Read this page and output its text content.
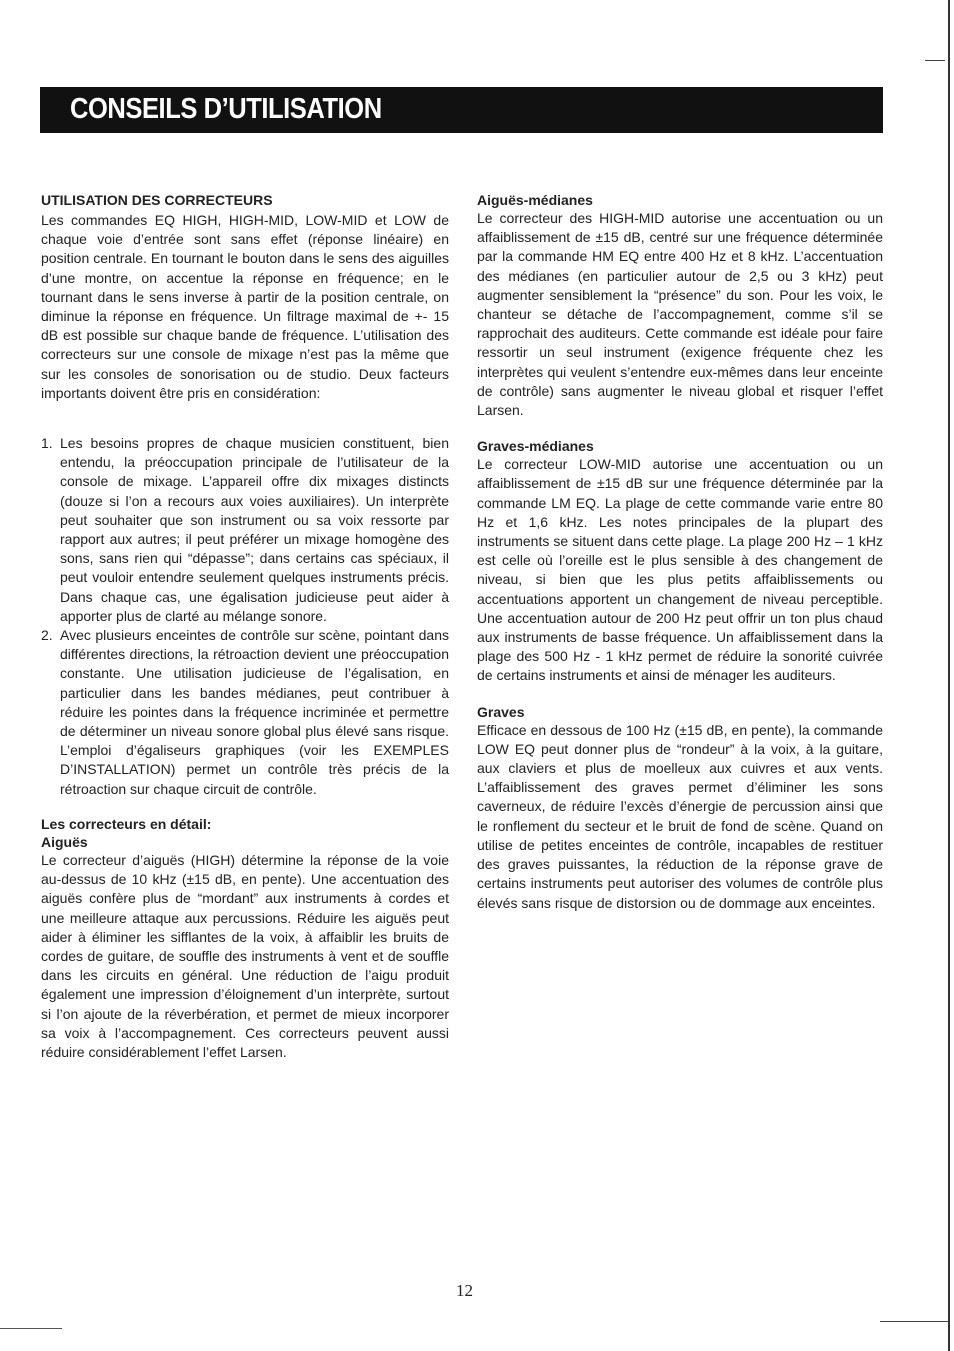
CONSEILS D’UTILISATION
UTILISATION DES CORRECTEURS

Les commandes EQ HIGH, HIGH-MID, LOW-MID et LOW de chaque voie d’entrée sont sans effet (réponse linéaire) en position centrale. En tournant le bouton dans le sens des aiguilles d’une montre, on accentue la réponse en fréquence; en le tournant dans le sens inverse à partir de la position centrale, on diminue la réponse en fréquence. Un filtrage maximal de +- 15 dB est possible sur chaque bande de fréquence. L’utilisation des correcteurs sur une console de mixage n’est pas la même que sur les consoles de sonorisation ou de studio. Deux facteurs importants doivent être pris en considération:

1. Les besoins propres de chaque musicien constituent, bien entendu, la préoccupation principale de l’utilisateur de la console de mixage. L’appareil offre dix mixages distincts (douze si l’on a recours aux voies auxiliaires). Un interprète peut souhaiter que son instrument ou sa voix ressorte par rapport aux autres; il peut préférer un mixage homogène des sons, sans rien qui “dépasse”; dans certains cas spéciaux, il peut vouloir entendre seulement quelques instruments précis. Dans chaque cas, une égalisation judicieuse peut aider à apporter plus de clarté au mélange sonore.
2. Avec plusieurs enceintes de contrôle sur scène, pointant dans différentes directions, la rétroaction devient une préoccupation constante. Une utilisation judicieuse de l’égalisation, en particulier dans les bandes médianes, peut contribuer à réduire les pointes dans la fréquence incriminée et permettre de déterminer un niveau sonore global plus élevé sans risque. L’emploi d’égaliseurs graphiques (voir les EXEMPLES D’INSTALLATION) permet un contrôle très précis de la rétroaction sur chaque circuit de contrôle.
Les correcteurs en détail:
Aiguës

Le correcteur d’aiguës (HIGH) détermine la réponse de la voie au-dessus de 10 kHz (±15 dB, en pente). Une accentuation des aiguës confère plus de “mordant” aux instruments à cordes et une meilleure attaque aux percussions. Réduire les aiguës peut aider à éliminer les sifflantes de la voix, à affaiblir les bruits de cordes de guitare, de souffle des instruments à vent et de souffle dans les circuits en général. Une réduction de l’aigu produit également une impression d’éloignement d’un interprète, surtout si l’on ajoute de la réverbération, et permet de mieux incorporer sa voix à l’accompagnement. Ces correcteurs peuvent aussi réduire considérablement l’effet Larsen.

Aiguës-médianes

Le correcteur des HIGH-MID autorise une accentuation ou un affaiblissement de ±15 dB, centré sur une fréquence déterminée par la commande HM EQ entre 400 Hz et 8 kHz. L’accentuation des médianes (en particulier autour de 2,5 ou 3 kHz) peut augmenter sensiblement la “présence” du son. Pour les voix, le chanteur se détache de l’accompagnement, comme s’il se rapprochait des auditeurs. Cette commande est idéale pour faire ressortir un seul instrument (exigence fréquente chez les interprètes qui veulent s’entendre eux-mêmes dans leur enceinte de contrôle) sans augmenter le niveau global et risquer l’effet Larsen.

Graves-médianes

Le correcteur LOW-MID autorise une accentuation ou un affaiblissement de ±15 dB sur une fréquence déterminée par la commande LM EQ. La plage de cette commande varie entre 80 Hz et 1,6 kHz. Les notes principales de la plupart des instruments se situent dans cette plage. La plage 200 Hz – 1 kHz est celle où l’oreille est le plus sensible à des changement de niveau, si bien que les plus petits affaiblissements ou accentuations apportent un changement de niveau perceptible. Une accentuation autour de 200 Hz peut offrir un ton plus chaud aux instruments de basse fréquence. Un affaiblissement dans la plage des 500 Hz - 1 kHz permet de réduire la sonorité cuivrée de certains instruments et ainsi de ménager les auditeurs.

Graves

Efficace en dessous de 100 Hz (±15 dB, en pente), la commande LOW EQ peut donner plus de “rondeur” à la voix, à la guitare, aux claviers et plus de moelleux aux cuivres et aux vents. L’affaiblissement des graves permet d’éliminer les sons caverneux, de réduire l’excès d’énergie de percussion ainsi que le ronflement du secteur et le bruit de fond de scène. Quand on utilise de petites enceintes de contrôle, incapables de restituer des graves puissantes, la réduction de la réponse grave de certains instruments peut autoriser des volumes de contrôle plus élevés sans risque de distorsion ou de dommage aux enceintes.

12
